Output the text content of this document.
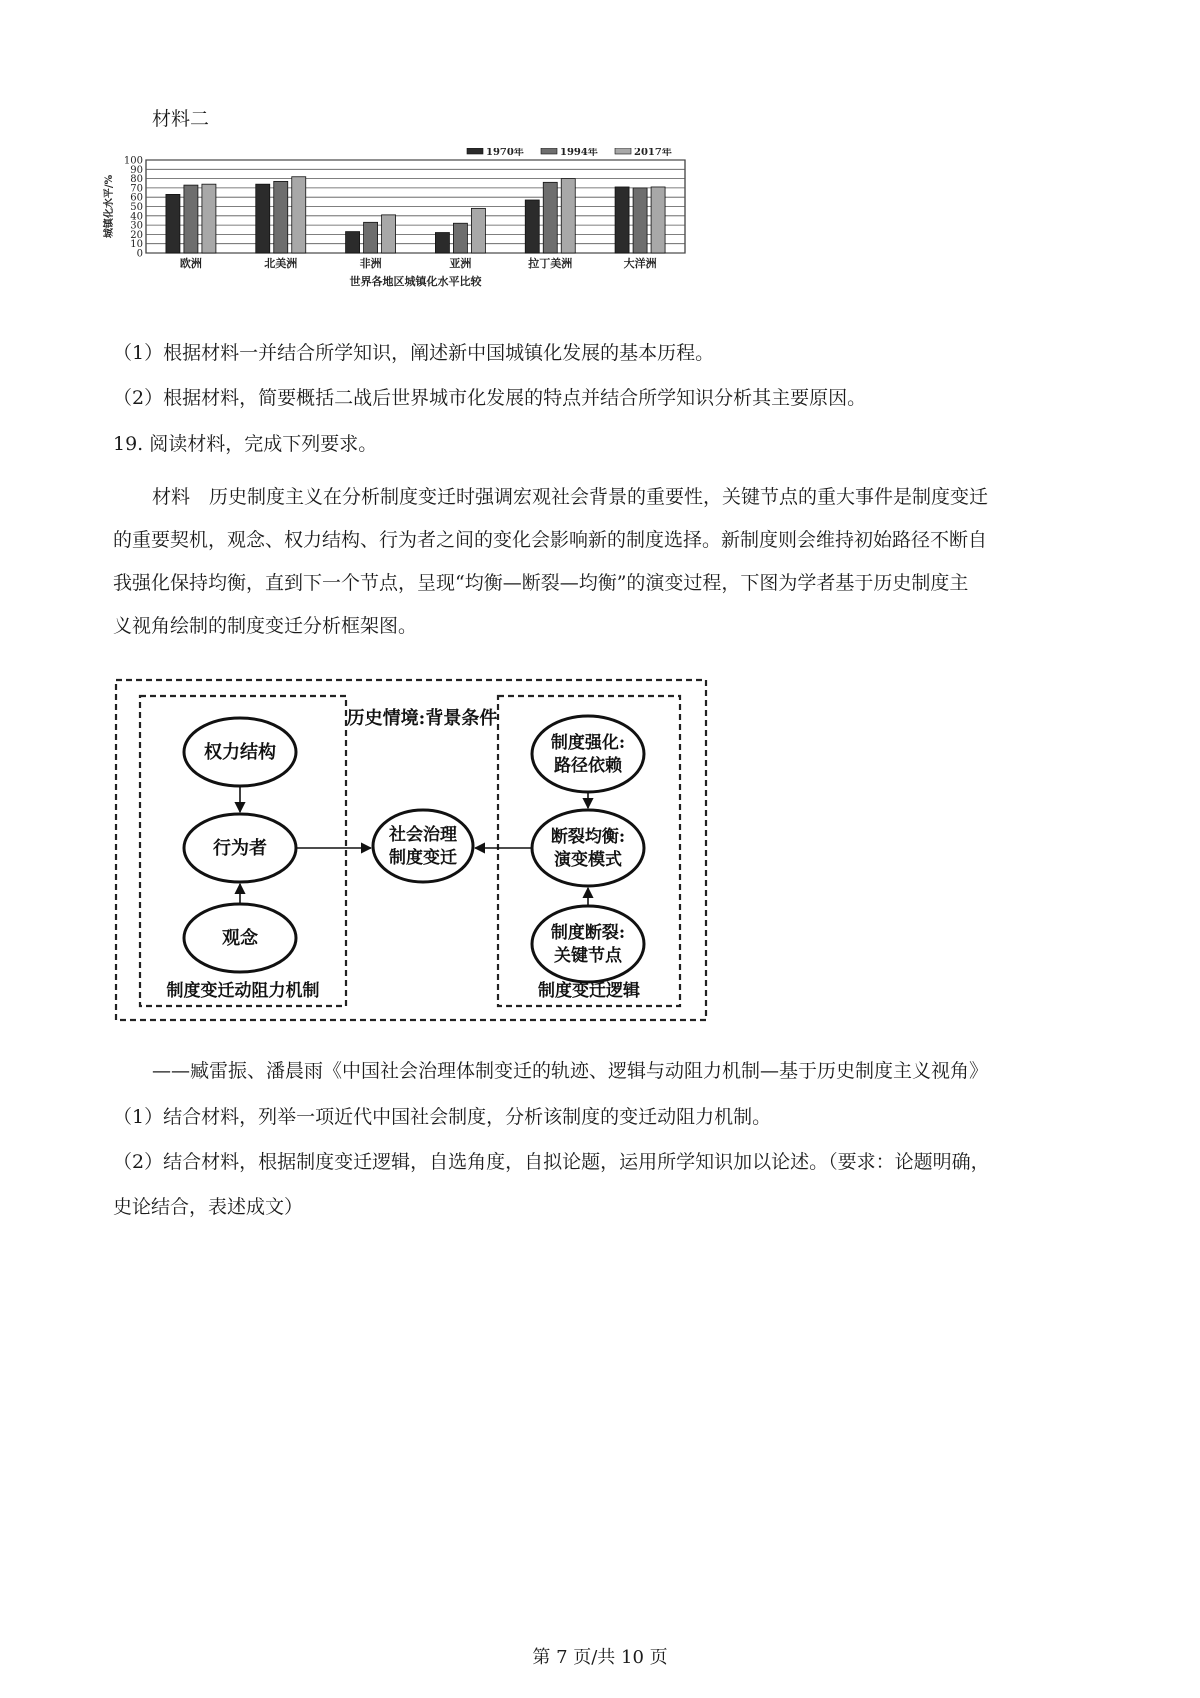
材料二
0
10
20
30
40
50
60
70
80
90
100
城镇化水平/%
欧洲	北美洲	非洲	亚洲	拉丁美洲	大洋洲
世界各地区城镇化水平比较
1970年	1994年	2017年
（1）根据材料一并结合所学知识，阐述新中国城镇化发展的基本历程。
（2）根据材料，简要概括二战后世界城市化发展的特点并结合所学知识分析其主要原因。
19. 阅读材料，完成下列要求。
材料　历史制度主义在分析制度变迁时强调宏观社会背景的重要性，关键节点的重大事件是制度变迁
的重要契机，观念、权力结构、行为者之间的变化会影响新的制度选择。新制度则会维持初始路径不断自
我强化保持均衡，直到下一个节点，呈现“均衡—断裂—均衡”的演变过程，下图为学者基于历史制度主
义视角绘制的制度变迁分析框架图。
历史情境:背景条件
权力结构
行为者
观念
社会治理
制度变迁
制度强化:
路径依赖
断裂均衡:
演变模式
制度断裂:
关键节点
制度变迁动阻力机制	制度变迁逻辑
——臧雷振、潘晨雨《中国社会治理体制变迁的轨迹、逻辑与动阻力机制—基于历史制度主义视角》
（1）结合材料，列举一项近代中国社会制度，分析该制度的变迁动阻力机制。
（2）结合材料，根据制度变迁逻辑，自选角度，自拟论题，运用所学知识加以论述。（要求：论题明确，
史论结合，表述成文）
第 7 页/共 10 页
